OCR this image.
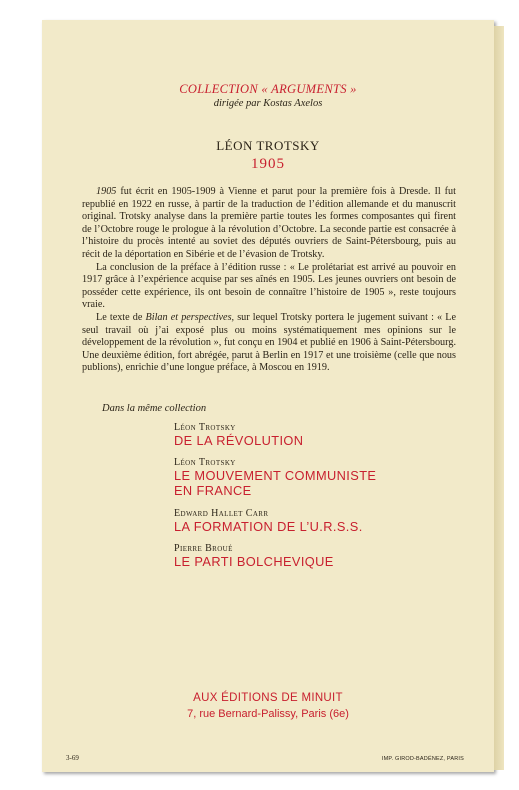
COLLECTION « ARGUMENTS »
dirigée par Kostas Axelos
LÉON TROTSKY
1905

1905 fut écrit en 1905-1909 à Vienne et parut pour la première fois à Dresde. Il fut republié en 1922 en russe, à partir de la traduction de l’édition allemande et du manuscrit original. Trotsky analyse dans la première partie toutes les formes composantes qui firent de l’Octobre rouge le prologue à la révolution d’Octobre. La seconde partie est consacrée à l’histoire du procès intenté au soviet des députés ouvriers de Saint-Pétersbourg, puis au récit de la déportation en Sibérie et de l’évasion de Trotsky.

La conclusion de la préface à l’édition russe : « Le prolétariat est arrivé au pouvoir en 1917 grâce à l’expérience acquise par ses aînés en 1905. Les jeunes ouvriers ont besoin de posséder cette expérience, ils ont besoin de connaître l’histoire de 1905 », reste toujours vraie.

Le texte de Bilan et perspectives, sur lequel Trotsky portera le jugement suivant : « Le seul travail où j’ai exposé plus ou moins systématiquement mes opinions sur le développement de la révolution », fut conçu en 1904 et publié en 1906 à Saint-Pétersbourg. Une deuxième édition, fort abrégée, parut à Berlin en 1917 et une troisième (celle que nous publions), enrichie d’une longue préface, à Moscou en 1919.

Dans la même collection
Léon Trotsky
DE LA RÉVOLUTION
Léon Trotsky
LE MOUVEMENT COMMUNISTE
EN FRANCE
Edward Hallet Carr
LA FORMATION DE L’U.R.S.S.
Pierre Broué
LE PARTI BOLCHEVIQUE
AUX ÉDITIONS DE MINUIT
7, rue Bernard-Palissy, Paris (6e)
3-69	IMP. GIROD-BADÉNEZ, PARIS
